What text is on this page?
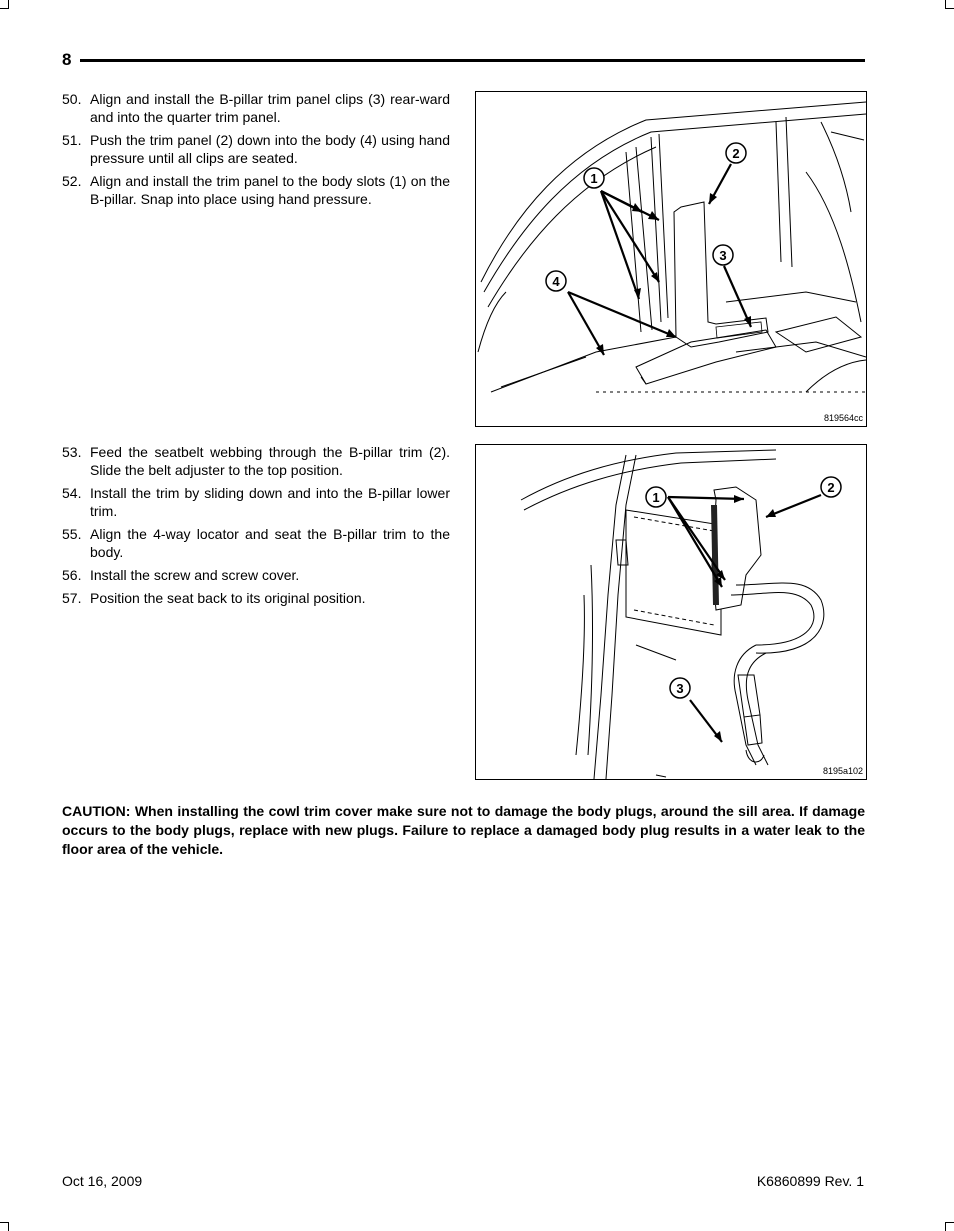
8
50. Align and install the B-pillar trim panel clips (3) rear-ward and into the quarter trim panel.
51. Push the trim panel (2) down into the body (4) using hand pressure until all clips are seated.
52. Align and install the trim panel to the body slots (1) on the B-pillar. Snap into place using hand pressure.
1
2
3
4
819564cc
53. Feed the seatbelt webbing through the B-pillar trim (2). Slide the belt adjuster to the top position.
54. Install the trim by sliding down and into the B-pillar lower trim.
55. Align the 4-way locator and seat the B-pillar trim to the body.
56. Install the screw and screw cover.
57. Position the seat back to its original position.
1
2
3
8195a102
CAUTION: When installing the cowl trim cover make sure not to damage the body plugs, around the sill area. If damage occurs to the body plugs, replace with new plugs. Failure to replace a damaged body plug results in a water leak to the floor area of the vehicle.
Oct 16, 2009	K6860899 Rev. 1
